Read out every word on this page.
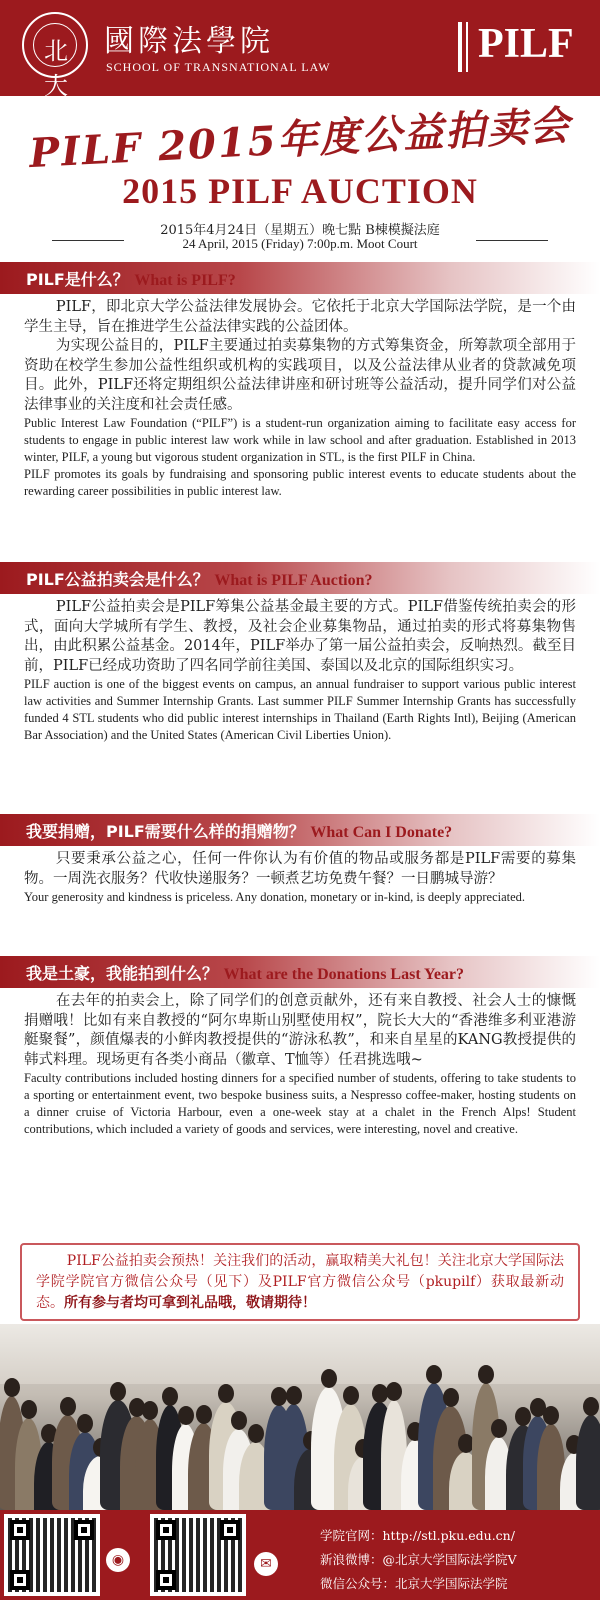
北大
國際法學院
SCHOOL OF TRANSNATIONAL LAW	PILF
PILF 2015年度公益拍卖会
2015 PILF AUCTION
2015年4月24日（星期五）晚七點 B棟模擬法庭
24 April, 2015 (Friday) 7:00p.m. Moot Court
PILF是什么？ What is PILF?

PILF，即北京大学公益法律发展协会。它依托于北京大学国际法学院，是一个由学生主导，旨在推进学生公益法律实践的公益团体。

为实现公益目的，PILF主要通过拍卖募集物的方式筹集资金，所筹款项全部用于资助在校学生参加公益性组织或机构的实践项目，以及公益法律从业者的贷款减免项目。此外，PILF还将定期组织公益法律讲座和研讨班等公益活动，提升同学们对公益法律事业的关注度和社会责任感。

Public Interest Law Foundation (“PILF”) is a student-run organization aiming to facilitate easy access for students to engage in public interest law work while in law school and after graduation. Established in 2013 winter, PILF, a young but vigorous student organization in STL, is the first PILF in China.

PILF promotes its goals by fundraising and sponsoring public interest events to educate students about the rewarding career possibilities in public interest law.

PILF公益拍卖会是什么？ What is PILF Auction?

PILF公益拍卖会是PILF筹集公益基金最主要的方式。PILF借鉴传统拍卖会的形式，面向大学城所有学生、教授，及社会企业募集物品，通过拍卖的形式将募集物售出，由此积累公益基金。2014年，PILF举办了第一届公益拍卖会，反响热烈。截至目前，PILF已经成功资助了四名同学前往美国、泰国以及北京的国际组织实习。

PILF auction is one of the biggest events on campus, an annual fundraiser to support various public interest law activities and Summer Internship Grants. Last summer PILF Summer Internship Grants has successfully funded 4 STL students who did public interest internships in Thailand (Earth Rights Intl), Beijing (American Bar Association) and the United States (American Civil Liberties Union).

我要捐赠，PILF需要什么样的捐赠物？ What Can I Donate?

只要秉承公益之心，任何一件你认为有价值的物品或服务都是PILF需要的募集物。一周洗衣服务？代收快递服务？一顿煮艺坊免费午餐？一日鹏城导游？

Your generosity and kindness is priceless. Any donation, monetary or in-kind, is deeply appreciated.

我是土豪，我能拍到什么？ What are the Donations Last Year?

在去年的拍卖会上，除了同学们的创意贡献外，还有来自教授、社会人士的慷慨捐赠哦！比如有来自教授的“阿尔卑斯山别墅使用权”，院长大大的“香港维多利亚港游艇聚餐”，颜值爆表的小鲜肉教授提供的“游泳私教”，和来自星星的KANG教授提供的韩式料理。现场更有各类小商品（徽章、T恤等）任君挑选哦~

Faculty contributions included hosting dinners for a specified number of students, offering to take students to a sporting or entertainment event, two bespoke business suits, a Nespresso coffee-maker, hosting students on a dinner cruise of Victoria Harbour, even a one-week stay at a chalet in the French Alps! Student contributions, which included a variety of goods and services, were interesting, novel and creative.

PILF公益拍卖会预热！关注我们的活动，赢取精美大礼包！关注北京大学国际法学院学院官方微信公众号（见下）及PILF官方微信公众号（pkupilf）获取最新动态。所有参与者均可拿到礼品哦，敬请期待！
◉	✉
学院官网：http://stl.pku.edu.cn/
新浪微博：@北京大学国际法学院V
微信公众号：北京大学国际法学院
